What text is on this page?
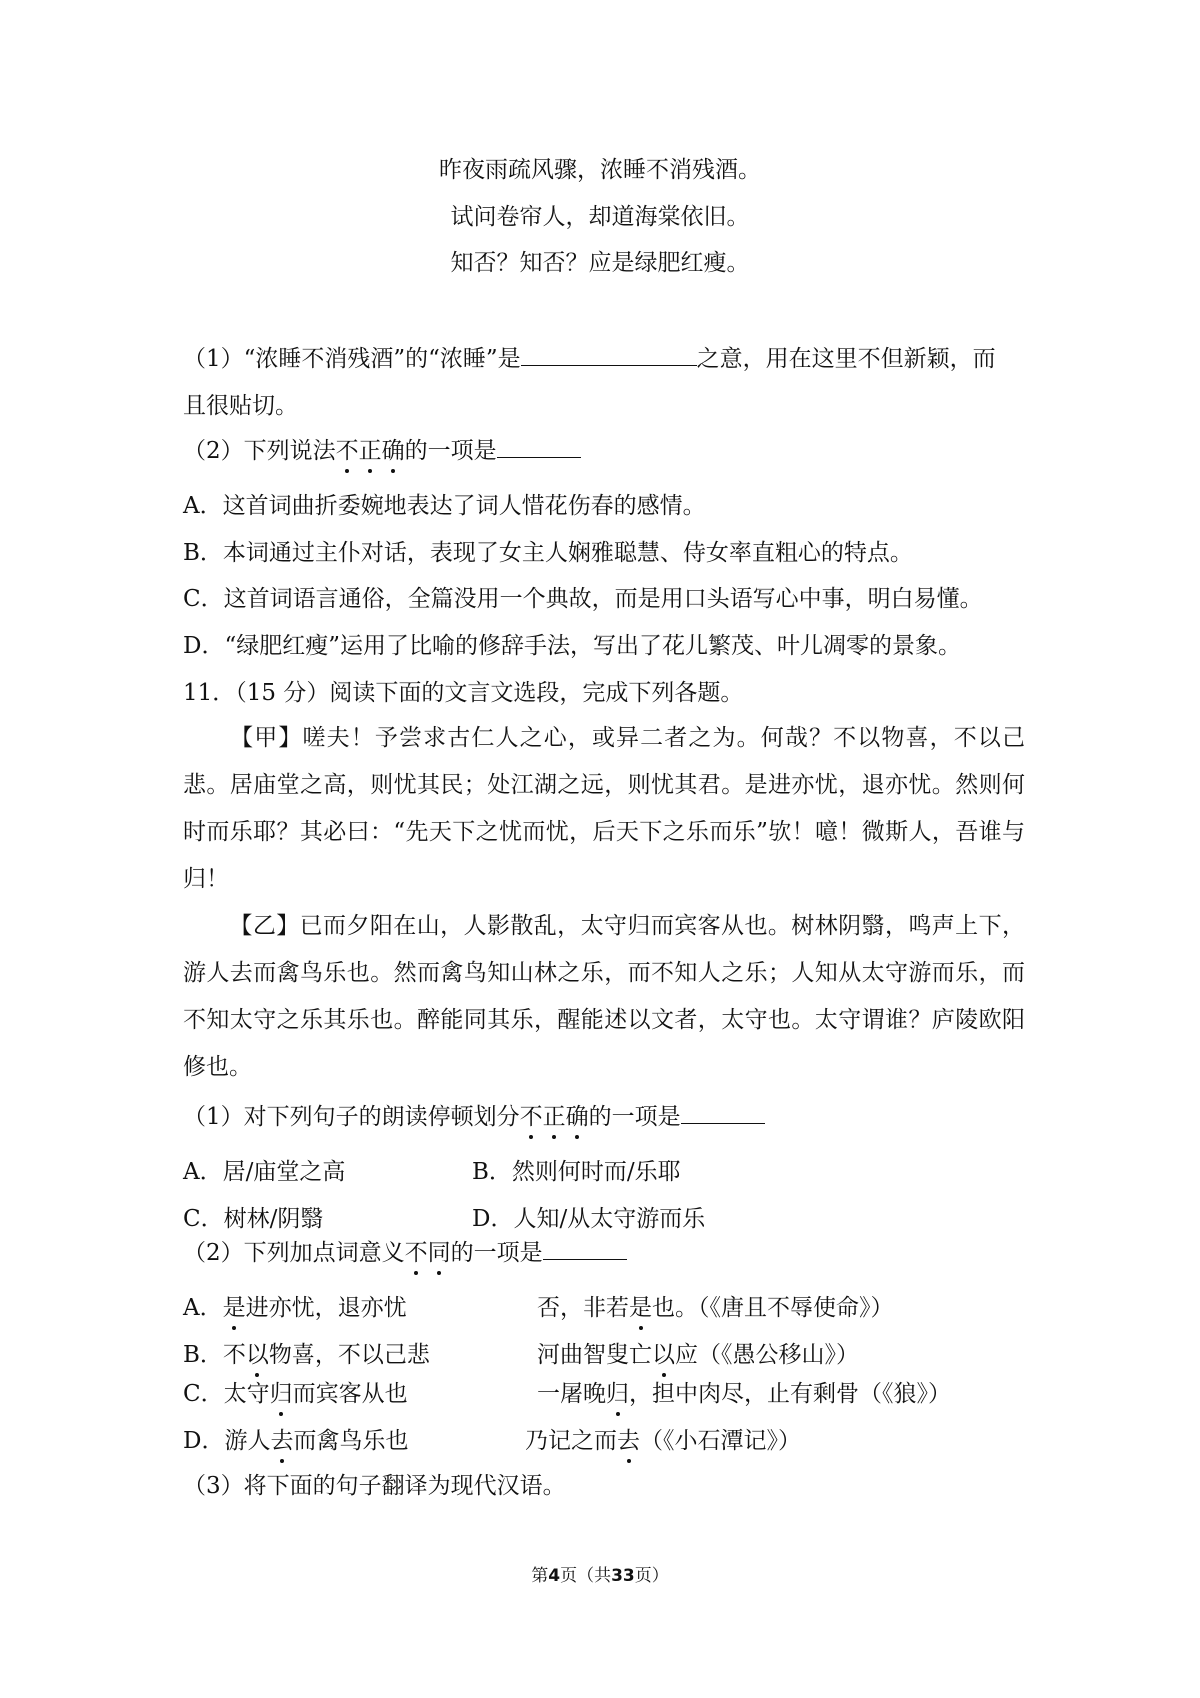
昨夜雨疏风骤，浓睡不消残酒。
试问卷帘人，却道海棠依旧。
知否？知否？应是绿肥红瘦。
（1）“浓睡不消残酒”的“浓睡”是	之意，用在这里不但新颖，而
且很贴切。
（2）下列说法不正确的一项是
A．这首词曲折委婉地表达了词人惜花伤春的感情。
B．本词通过主仆对话，表现了女主人娴雅聪慧、侍女率直粗心的特点。
C．这首词语言通俗，全篇没用一个典故，而是用口头语写心中事，明白易懂。
D．“绿肥红瘦”运用了比喻的修辞手法，写出了花儿繁茂、叶儿凋零的景象。
11．（15 分）阅读下面的文言文选段，完成下列各题。
【甲】嗟夫！予尝求古仁人之心，或异二者之为。何哉？不以物喜，不以己悲。居庙堂之高，则忧其民；处江湖之远，则忧其君。是进亦忧，退亦忧。然则何时而乐耶？其必曰：“先天下之忧而忧，后天下之乐而乐”欤！噫！微斯人，吾谁与归！
【乙】已而夕阳在山，人影散乱，太守归而宾客从也。树林阴翳，鸣声上下，游人去而禽鸟乐也。然而禽鸟知山林之乐，而不知人之乐；人知从太守游而乐，而不知太守之乐其乐也。醉能同其乐，醒能述以文者，太守也。太守谓谁？庐陵欧阳修也。
（1）对下列句子的朗读停顿划分不正确的一项是
A．居/庙堂之高	B．然则何时而/乐耶
C．树林/阴翳	D．人知/从太守游而乐
（2）下列加点词意义不同的一项是
A．是进亦忧，退亦忧	否，非若是也。（《唐且不辱使命》）
B．不以物喜，不以己悲	河曲智叟亡以应（《愚公移山》）
C．太守归而宾客从也	一屠晚归，担中肉尽，止有剩骨（《狼》）
D．游人去而禽鸟乐也	乃记之而去（《小石潭记》）
（3）将下面的句子翻译为现代汉语。
第4页（共33页）
